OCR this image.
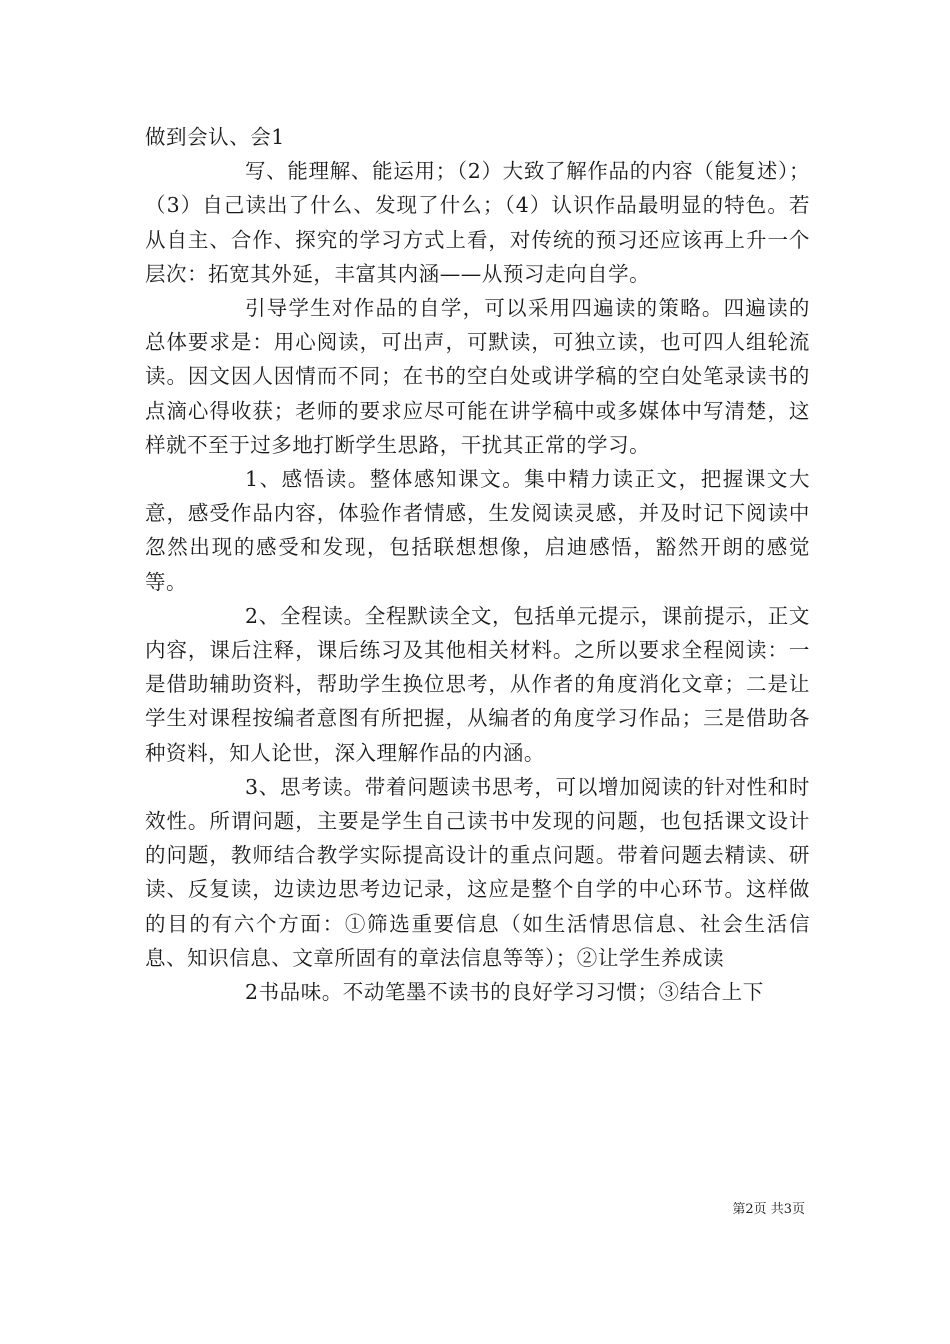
做到会认、会1

写、能理解、能运用；（2）大致了解作品的内容（能复述）；（3）自己读出了什么、发现了什么；（4）认识作品最明显的特色。若从自主、合作、探究的学习方式上看，对传统的预习还应该再上升一个层次：拓宽其外延，丰富其内涵——从预习走向自学。

引导学生对作品的自学，可以采用四遍读的策略。四遍读的总体要求是：用心阅读，可出声，可默读，可独立读，也可四人组轮流读。因文因人因情而不同；在书的空白处或讲学稿的空白处笔录读书的点滴心得收获；老师的要求应尽可能在讲学稿中或多媒体中写清楚，这样就不至于过多地打断学生思路，干扰其正常的学习。

1、感悟读。整体感知课文。集中精力读正文，把握课文大意，感受作品内容，体验作者情感，生发阅读灵感，并及时记下阅读中忽然出现的感受和发现，包括联想想像，启迪感悟，豁然开朗的感觉等。

2、全程读。全程默读全文，包括单元提示，课前提示，正文内容，课后注释，课后练习及其他相关材料。之所以要求全程阅读：一是借助辅助资料，帮助学生换位思考，从作者的角度消化文章；二是让学生对课程按编者意图有所把握，从编者的角度学习作品；三是借助各种资料，知人论世，深入理解作品的内涵。

3、思考读。带着问题读书思考，可以增加阅读的针对性和时效性。所谓问题，主要是学生自己读书中发现的问题，也包括课文设计的问题，教师结合教学实际提高设计的重点问题。带着问题去精读、研读、反复读，边读边思考边记录，这应是整个自学的中心环节。这样做的目的有六个方面：①筛选重要信息（如生活情思信息、社会生活信息、知识信息、文章所固有的章法信息等等）；②让学生养成读

2书品味。不动笔墨不读书的良好学习习惯；③结合上下

第2页 共3页
